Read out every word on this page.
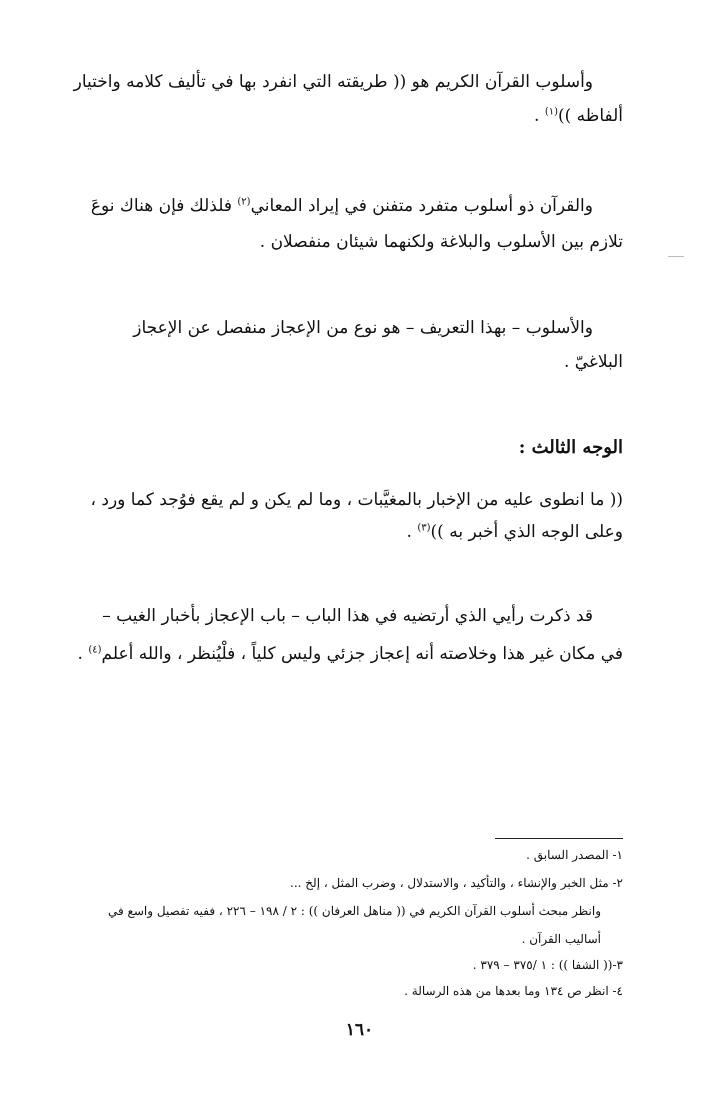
وأسلوب القرآن الكريم هو (( طريقته التي انفرد بها في تأليف كلامه واختيار
ألفاظه ))$^{(١)}$ .
والقرآن ذو أسلوب متفرد متفنن في إيراد المعاني$^{(٢)}$ فلذلك فإن هناك نوعَ
تلازم بين الأسلوب والبلاغة ولكنهما شيئان منفصلان .
والأسلوب – بهذا التعريف – هو نوع من الإعجاز منفصل عن الإعجاز
البلاغيّ .
الوجه الثالث :
(( ما انطوى عليه من الإخبار بالمغيَّبات ، وما لم يكن و لم يقع فوُجد كما ورد ،
وعلى الوجه الذي أخبر به ))$^{(٣)}$ .
قد ذكرت رأيي الذي أرتضيه في هذا الباب – باب الإعجاز بأخبار الغيب –
في مكان غير هذا وخلاصته أنه إعجاز جزئي وليس كلياً ، فلْيُنظر ، والله أعلم$^{(٤)}$ .
١- المصدر السابق .
٢- مثل الخبر والإنشاء ، والتأكيد ، والاستدلال ، وضرب المثل ، إلخ ...
وانظر مبحث أسلوب القرآن الكريم في (( مناهل العرفان )) : ٢ / ١٩٨ – ٢٢٦ ، ففيه تفصيل واسع في
أساليب القرآن .
٣-(( الشفا )) : ١ /٣٧٥ – ٣٧٩ .
٤- انظر ص ١٣٤ وما بعدها من هذه الرسالة .
١٦٠
